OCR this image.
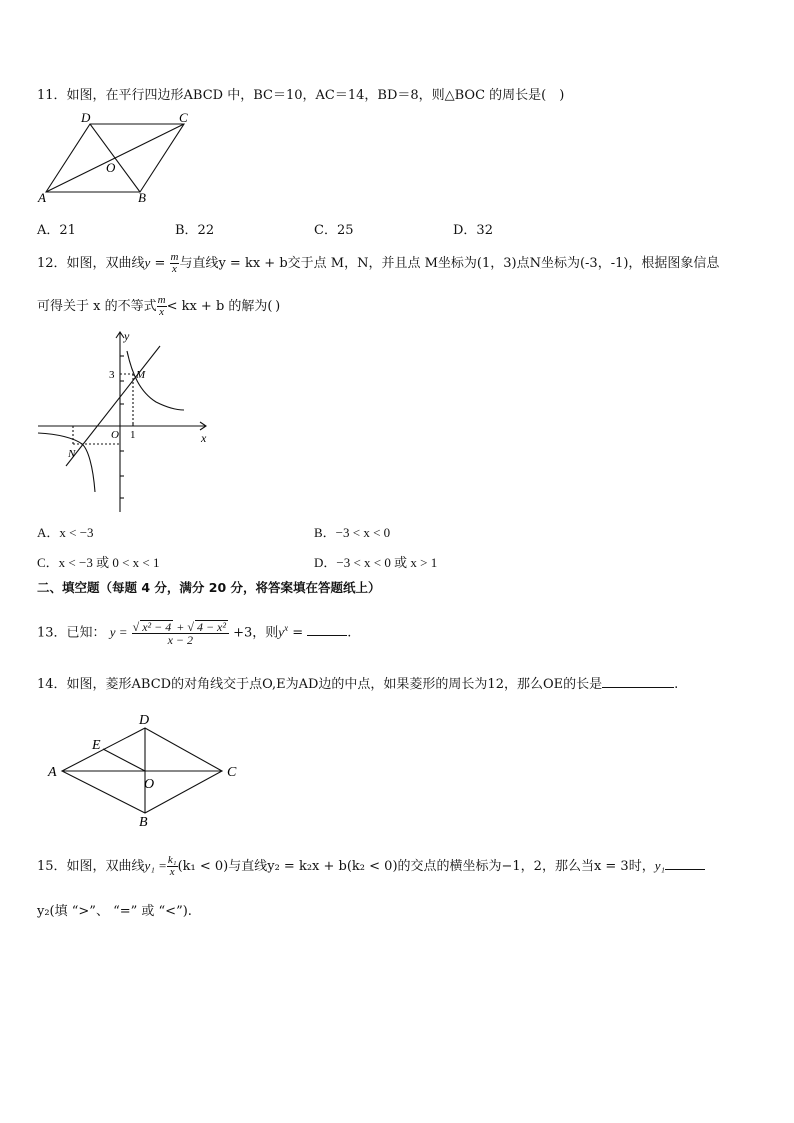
11．如图，在平行四边形ABCD 中，BC＝10，AC＝14，BD＝8，则△BOC 的周长是(　)
A	B
C
D
O
A．21	B．22	C．25	D．32
12．如图，双曲线$y = \frac{m}{x}$ 与直线y = kx + b交于点 M，N，并且点 M坐标为(1，3)点N坐标为(-3，-1)，根据图象信息
可得关于 x 的不等式 $\frac{m}{x}$ < kx + b 的解为( )
y
x
3
O 1
M
N
A．x < −3	B．−3 < x < 0
C．x < −3 或 0 < x < 1	D．−3 < x < 0 或 x > 1
二、填空题（每题 4 分，满分 20 分，将答案填在答题纸上）
13．已知： $y = \frac{\text{√ x² − 4 + √ 4 − x²}}{x - 2} +3$，则$y^x$ =	.
14．如图，菱形ABCD的对角线交于点O,E为AD边的中点，如果菱形的周长为12，那么OE的长是	.
A
B
C
D
E
O
15．如图，双曲线$y_1 = \frac{\text{k₁}}{x} (k_1 < 0)$与直线y₂ = k₂x + b(k₂ < 0)的交点的横坐标为−1，2，那么当x = 3时，y₁
y₂(填 “>”、 “=” 或 “<”).
